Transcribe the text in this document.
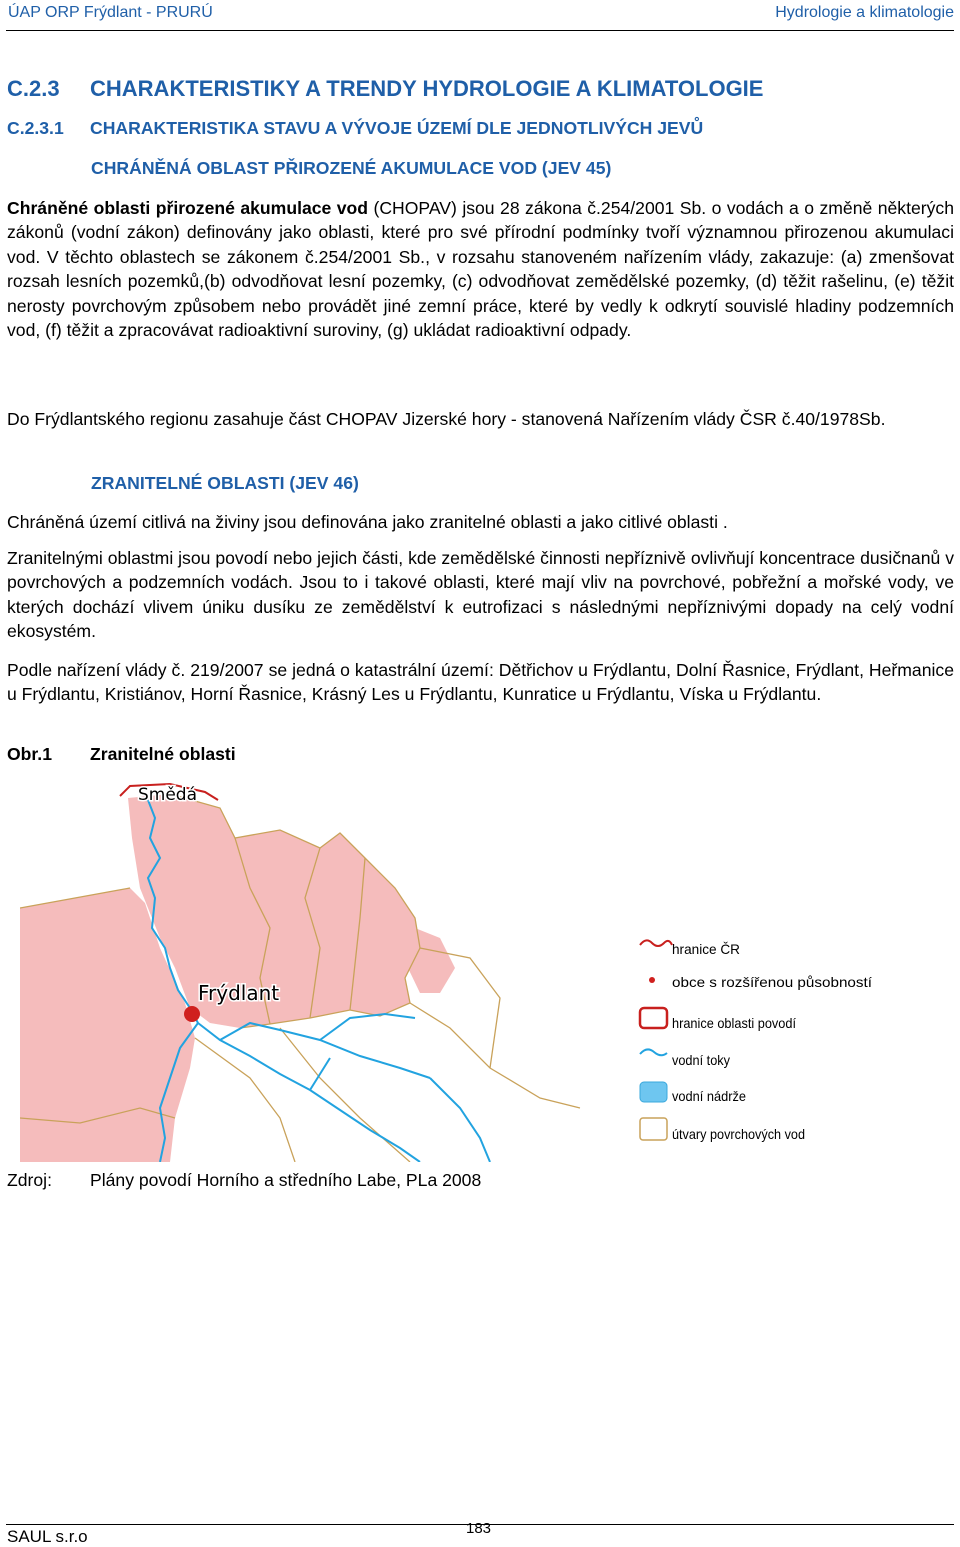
ÚAP ORP Frýdlant - PRURÚ	Hydrologie a klimatologie
C.2.3 CHARAKTERISTIKY A TRENDY HYDROLOGIE A KLIMATOLOGIE
C.2.3.1 CHARAKTERISTIKA STAVU A VÝVOJE ÚZEMÍ DLE JEDNOTLIVÝCH JEVŮ
CHRÁNĚNÁ OBLAST PŘIROZENÉ AKUMULACE VOD (JEV 45)
Chráněné oblasti přirozené akumulace vod (CHOPAV) jsou 28 zákona č.254/2001 Sb. o vodách a o změně některých zákonů (vodní zákon) definovány jako oblasti, které pro své přírodní podmínky tvoří významnou přirozenou akumulaci vod. V těchto oblastech se zákonem č.254/2001 Sb., v rozsahu stanoveném nařízením vlády, zakazuje: (a) zmenšovat rozsah lesních pozemků,(b) odvodňovat lesní pozemky, (c) odvodňovat zemědělské pozemky, (d) těžit rašelinu, (e) těžit nerosty povrchovým způsobem nebo provádět jiné zemní práce, které by vedly k odkrytí souvislé hladiny podzemních vod, (f) těžit a zpracovávat radioaktivní suroviny, (g) ukládat radioaktivní odpady.
Do Frýdlantského regionu zasahuje část CHOPAV Jizerské hory - stanovená Nařízením vlády ČSR č.40/1978Sb.
ZRANITELNÉ OBLASTI (JEV 46)
Chráněná území citlivá na živiny jsou definována jako zranitelné oblasti a jako citlivé oblasti .
Zranitelnými oblastmi jsou povodí nebo jejich části, kde zemědělské činnosti nepříznivě ovlivňují koncentrace dusičnanů v povrchových a podzemních vodách. Jsou to i takové oblasti, které mají vliv na povrchové, pobřežní a mořské vody, ve kterých dochází vlivem úniku dusíku ze zemědělství k eutrofizaci s následnými nepříznivými dopady na celý vodní ekosystém.
Podle nařízení vlády č. 219/2007 se jedná o katastrální území: Dětřichov u Frýdlantu, Dolní Řasnice, Frýdlant, Heřmanice u Frýdlantu, Kristiánov, Horní Řasnice, Krásný Les u Frýdlantu, Kunratice u Frýdlantu, Víska u Frýdlantu.
Obr.1 Zranitelné oblasti
Smědá
Frýdlant
hranice ČR
obce s rozšířenou působností
hranice oblasti povodí
vodní toky
vodní nádrže
útvary povrchových vod
Zdroj: Plány povodí Horního a středního Labe, PLa 2008
SAUL s.r.o	183
